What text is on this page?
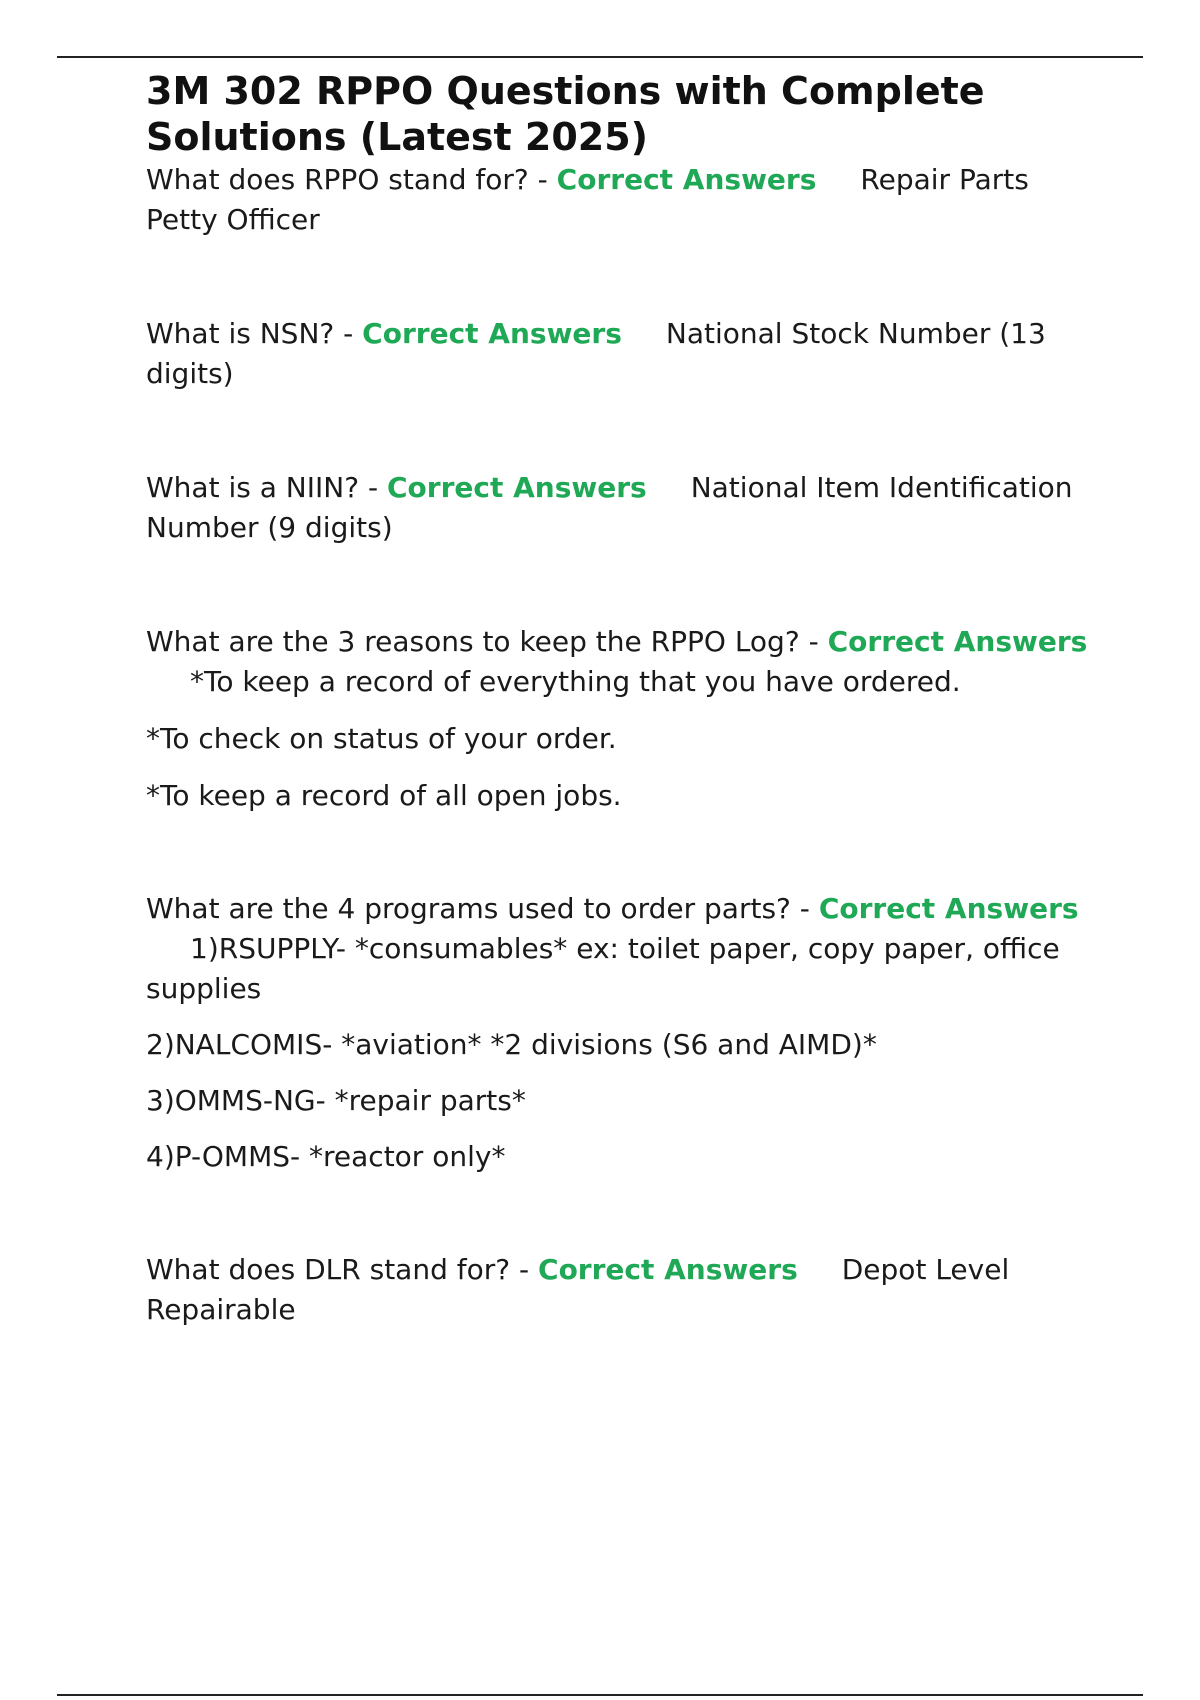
3M 302 RPPO Questions with Complete Solutions (Latest 2025)

What does RPPO stand for? - Correct Answers Repair Parts Petty Officer

What is NSN? - Correct Answers National Stock Number (13 digits)

What is a NIIN? - Correct Answers National Item Identification Number (9 digits)

What are the 3 reasons to keep the RPPO Log? - Correct Answers*To keep a record of everything that you have ordered.

*To check on status of your order.

*To keep a record of all open jobs.

What are the 4 programs used to order parts? - Correct Answers1)RSUPPLY- *consumables* ex: toilet paper, copy paper, office supplies

2)NALCOMIS- *aviation* *2 divisions (S6 and AIMD)*

3)OMMS-NG- *repair parts*

4)P-OMMS- *reactor only*

What does DLR stand for? - Correct Answers Depot Level Repairable
